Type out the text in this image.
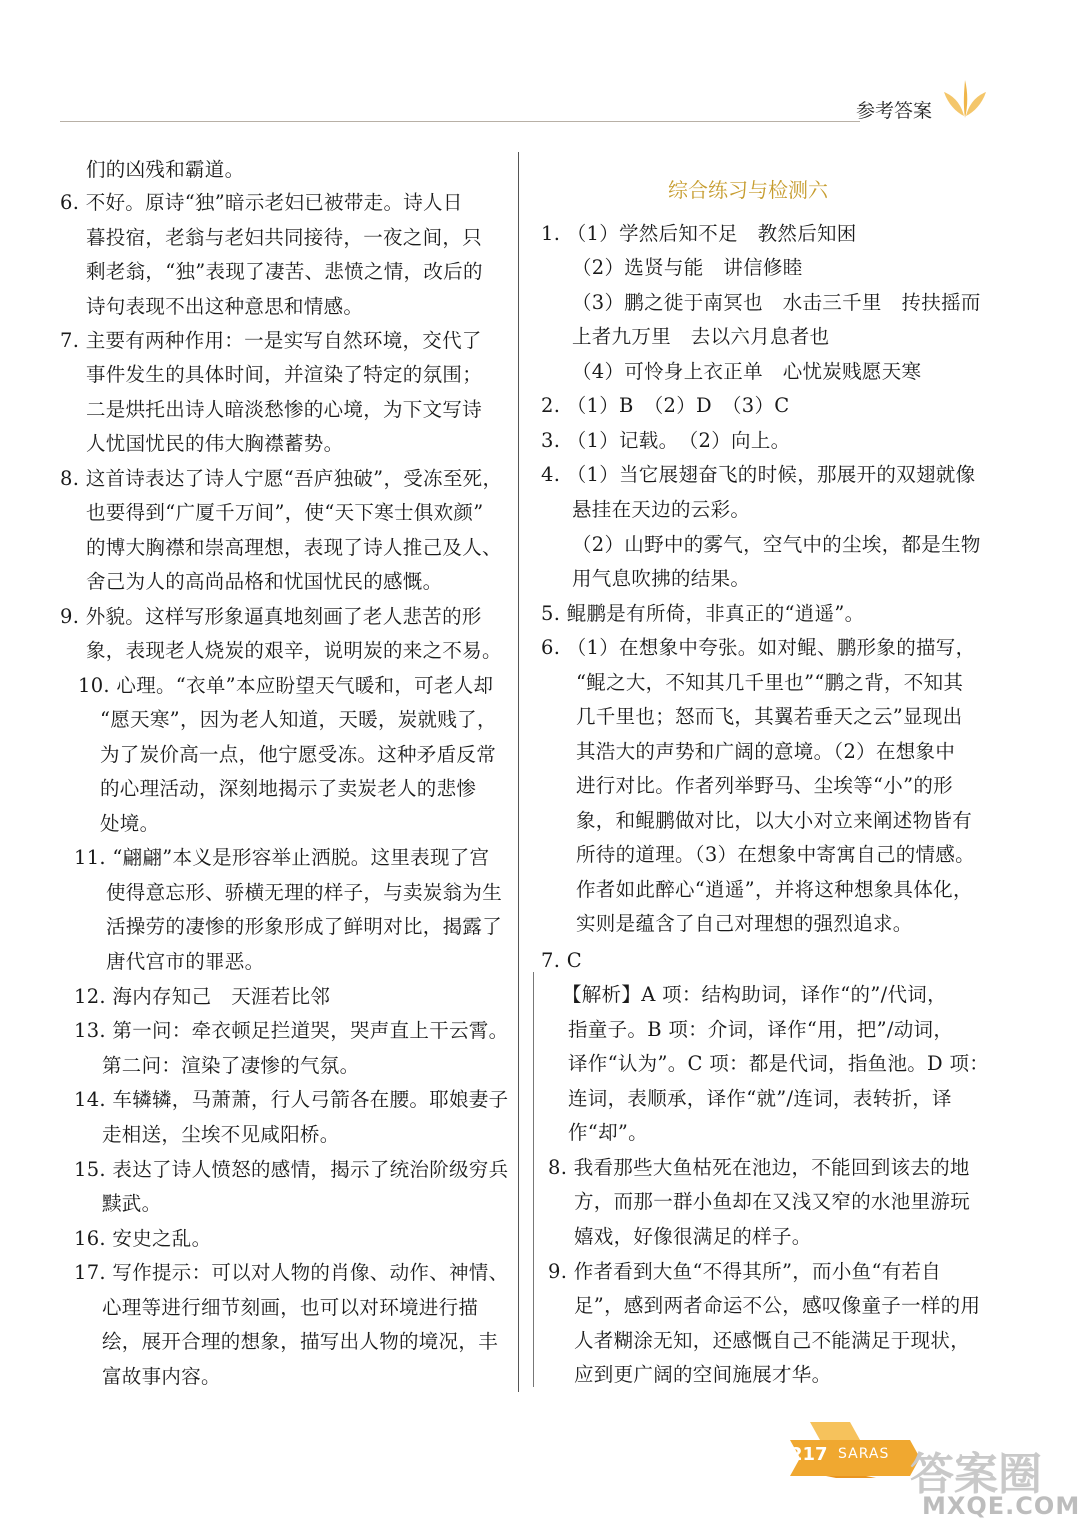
参考答案
们的凶残和霸道。
6. 不好。原诗“独”暗示老妇已被带走。诗人日
暮投宿，老翁与老妇共同接待，一夜之间，只
剩老翁，“独”表现了凄苦、悲愤之情，改后的
诗句表现不出这种意思和情感。
7. 主要有两种作用：一是实写自然环境，交代了
事件发生的具体时间，并渲染了特定的氛围；
二是烘托出诗人暗淡愁惨的心境，为下文写诗
人忧国忧民的伟大胸襟蓄势。
8. 这首诗表达了诗人宁愿“吾庐独破”，受冻至死，
也要得到“广厦千万间”，使“天下寒士俱欢颜”
的博大胸襟和崇高理想，表现了诗人推己及人、
舍己为人的高尚品格和忧国忧民的感慨。
9. 外貌。这样写形象逼真地刻画了老人悲苦的形
象，表现老人烧炭的艰辛，说明炭的来之不易。
10. 心理。“衣单”本应盼望天气暖和，可老人却
“愿天寒”，因为老人知道，天暖，炭就贱了，
为了炭价高一点，他宁愿受冻。这种矛盾反常
的心理活动，深刻地揭示了卖炭老人的悲惨
处境。
11. “翩翩”本义是形容举止洒脱。这里表现了宫
使得意忘形、骄横无理的样子，与卖炭翁为生
活操劳的凄惨的形象形成了鲜明对比，揭露了
唐代宫市的罪恶。
12. 海内存知己　天涯若比邻
13. 第一问：牵衣顿足拦道哭，哭声直上干云霄。
第二问：渲染了凄惨的气氛。
14. 车辚辚，马萧萧，行人弓箭各在腰。耶娘妻子
走相送，尘埃不见咸阳桥。
15. 表达了诗人愤怒的感情，揭示了统治阶级穷兵
黩武。
16. 安史之乱。
17. 写作提示：可以对人物的肖像、动作、神情、
心理等进行细节刻画，也可以对环境进行描
绘，展开合理的想象，描写出人物的境况，丰
富故事内容。
综合练习与检测六
1. （1）学然后知不足　教然后知困
（2）选贤与能　讲信修睦
（3）鹏之徙于南冥也　水击三千里　抟扶摇而
上者九万里　去以六月息者也
（4）可怜身上衣正单　心忧炭贱愿天寒
2. （1）B　（2）D　（3）C
3. （1）记载。　（2）向上。
4. （1）当它展翅奋飞的时候，那展开的双翅就像
悬挂在天边的云彩。
（2）山野中的雾气，空气中的尘埃，都是生物
用气息吹拂的结果。
5. 鲲鹏是有所倚，非真正的“逍遥”。
6. （1）在想象中夸张。如对鲲、鹏形象的描写，
“鲲之大，不知其几千里也”“鹏之背，不知其
几千里也；怒而飞，其翼若垂天之云”显现出
其浩大的声势和广阔的意境。（2）在想象中
进行对比。作者列举野马、尘埃等“小”的形
象，和鲲鹏做对比，以大小对立来阐述物皆有
所待的道理。（3）在想象中寄寓自己的情感。
作者如此醉心“逍遥”，并将这种想象具体化，
实则是蕴含了自己对理想的强烈追求。
7. C
【解析】A 项：结构助词，译作“的”/代词，
指童子。B 项：介词，译作“用，把”/动词，
译作“认为”。C 项：都是代词，指鱼池。D 项：
连词，表顺承，译作“就”/连词，表转折，译
作“却”。
8. 我看那些大鱼枯死在池边，不能回到该去的地
方，而那一群小鱼却在又浅又窄的水池里游玩
嬉戏，好像很满足的样子。
9. 作者看到大鱼“不得其所”，而小鱼“有若自
足”，感到两者命运不公，感叹像童子一样的用
人者糊涂无知，还感慨自己不能满足于现状，
应到更广阔的空间施展才华。
217 SARAS 答案圈
MXQE.COM
